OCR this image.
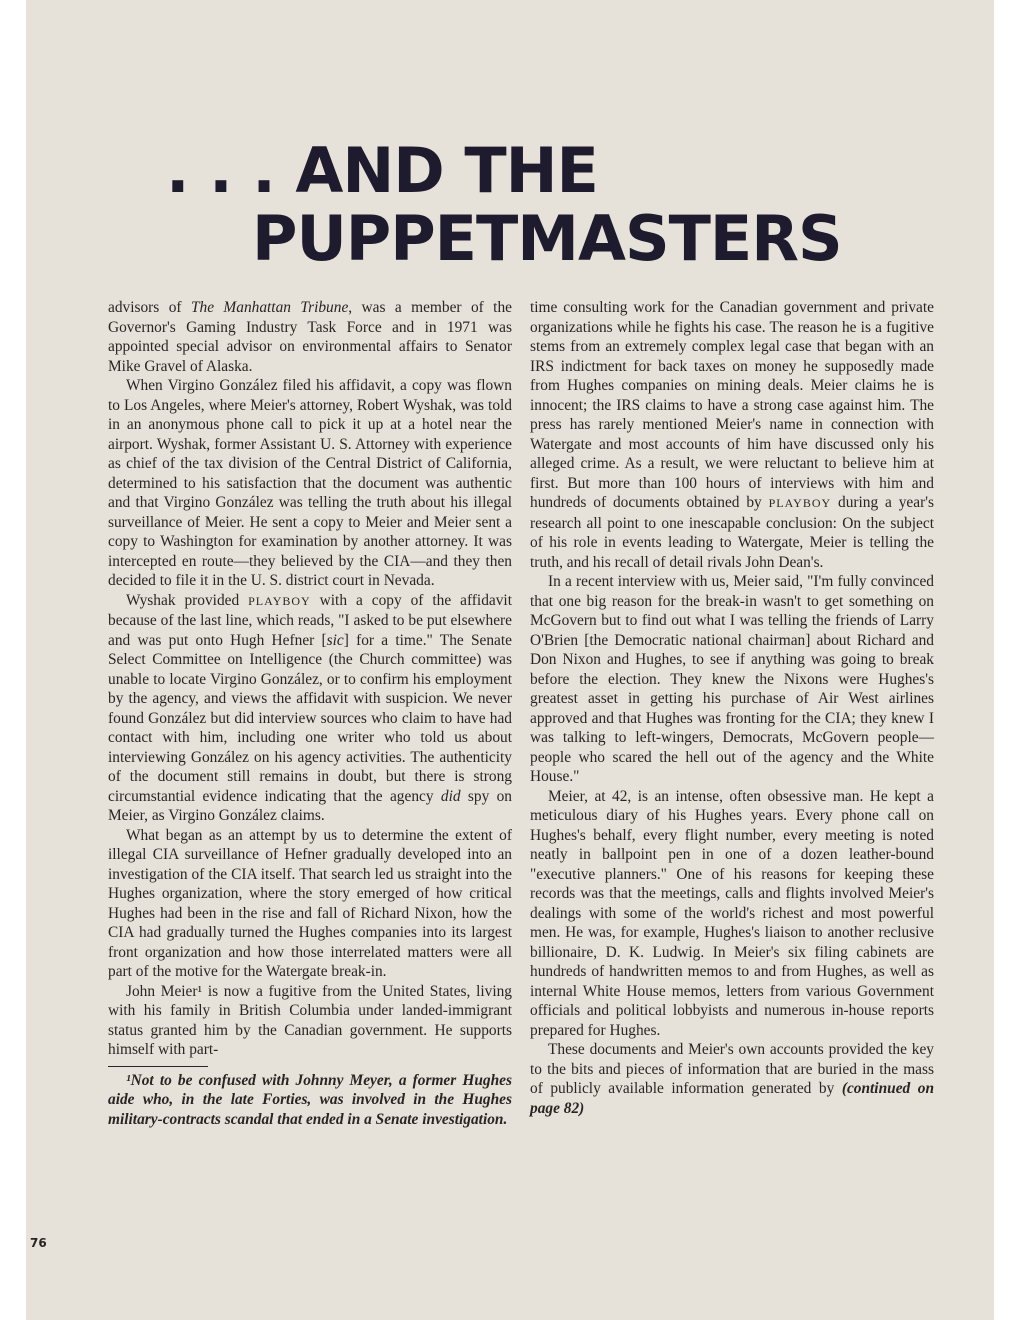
. . . AND THE
PUPPETMASTERS

advisors of The Manhattan Tribune, was a member of the Governor's Gaming Industry Task Force and in 1971 was appointed special advisor on environmental affairs to Senator Mike Gravel of Alaska.

When Virgino González filed his affidavit, a copy was flown to Los Angeles, where Meier's attorney, Robert Wyshak, was told in an anonymous phone call to pick it up at a hotel near the airport. Wyshak, former Assistant U. S. Attorney with experience as chief of the tax division of the Central District of California, determined to his satisfaction that the document was authentic and that Virgino González was telling the truth about his illegal surveillance of Meier. He sent a copy to Meier and Meier sent a copy to Washington for examination by another attorney. It was intercepted en route—they believed by the CIA—and they then decided to file it in the U. S. district court in Nevada.

Wyshak provided PLAYBOY with a copy of the affidavit because of the last line, which reads, "I asked to be put elsewhere and was put onto Hugh Hefner [sic] for a time." The Senate Select Committee on Intelligence (the Church committee) was unable to locate Virgino González, or to confirm his employment by the agency, and views the affidavit with suspicion. We never found González but did interview sources who claim to have had contact with him, including one writer who told us about interviewing González on his agency activities. The authenticity of the document still remains in doubt, but there is strong circumstantial evidence indicating that the agency did spy on Meier, as Virgino González claims.

What began as an attempt by us to determine the extent of illegal CIA surveillance of Hefner gradually developed into an investigation of the CIA itself. That search led us straight into the Hughes organization, where the story emerged of how critical Hughes had been in the rise and fall of Richard Nixon, how the CIA had gradually turned the Hughes companies into its largest front organization and how those interrelated matters were all part of the motive for the Watergate break-in.

John Meier¹ is now a fugitive from the United States, living with his family in British Columbia under landed-immigrant status granted him by the Canadian government. He supports himself with part-

¹Not to be confused with Johnny Meyer, a former Hughes aide who, in the late Forties, was involved in the Hughes military-contracts scandal that ended in a Senate investigation.

time consulting work for the Canadian government and private organizations while he fights his case. The reason he is a fugitive stems from an extremely complex legal case that began with an IRS indictment for back taxes on money he supposedly made from Hughes companies on mining deals. Meier claims he is innocent; the IRS claims to have a strong case against him. The press has rarely mentioned Meier's name in connection with Watergate and most accounts of him have discussed only his alleged crime. As a result, we were reluctant to believe him at first. But more than 100 hours of interviews with him and hundreds of documents obtained by PLAYBOY during a year's research all point to one inescapable conclusion: On the subject of his role in events leading to Watergate, Meier is telling the truth, and his recall of detail rivals John Dean's.

In a recent interview with us, Meier said, "I'm fully convinced that one big reason for the break-in wasn't to get something on McGovern but to find out what I was telling the friends of Larry O'Brien [the Democratic national chairman] about Richard and Don Nixon and Hughes, to see if anything was going to break before the election. They knew the Nixons were Hughes's greatest asset in getting his purchase of Air West airlines approved and that Hughes was fronting for the CIA; they knew I was talking to left-wingers, Democrats, McGovern people—people who scared the hell out of the agency and the White House."

Meier, at 42, is an intense, often obsessive man. He kept a meticulous diary of his Hughes years. Every phone call on Hughes's behalf, every flight number, every meeting is noted neatly in ballpoint pen in one of a dozen leather-bound "executive planners." One of his reasons for keeping these records was that the meetings, calls and flights involved Meier's dealings with some of the world's richest and most powerful men. He was, for example, Hughes's liaison to another reclusive billionaire, D. K. Ludwig. In Meier's six filing cabinets are hundreds of handwritten memos to and from Hughes, as well as internal White House memos, letters from various Government officials and political lobbyists and numerous in-house reports prepared for Hughes.

These documents and Meier's own accounts provided the key to the bits and pieces of information that are buried in the mass of publicly available information generated by (continued on page 82)

76
